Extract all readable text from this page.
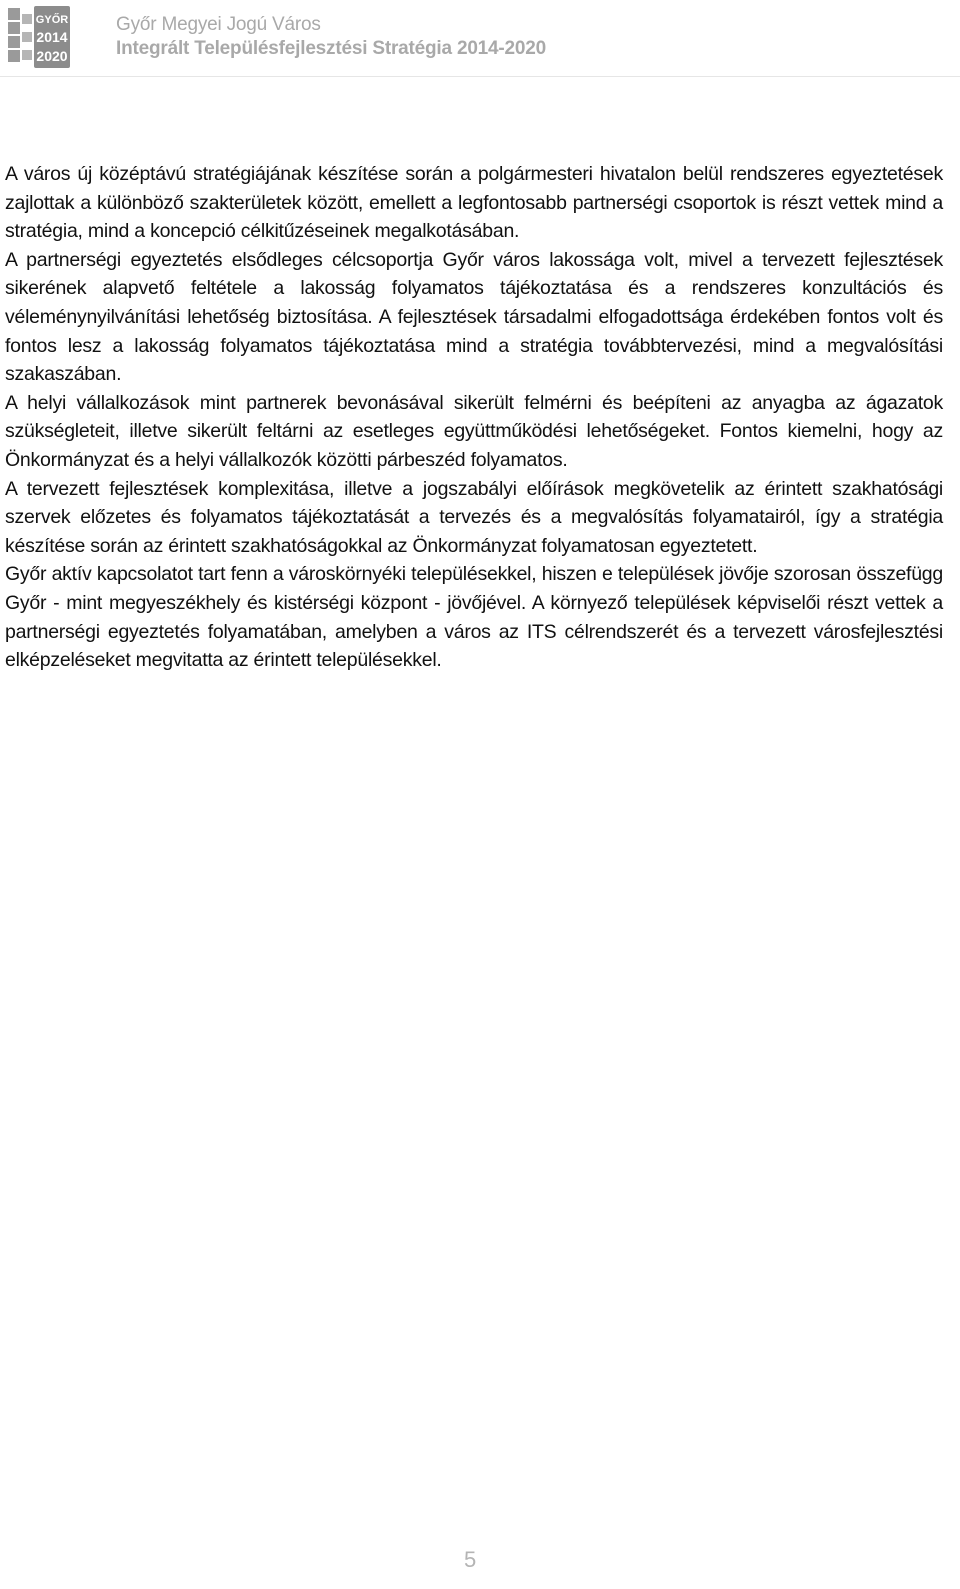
GYŐR
2014
2020
Győr Megyei Jogú Város
Integrált Településfejlesztési Stratégia 2014-2020

A város új középtávú stratégiájának készítése során a polgármesteri hivatalon belül rendszeres egyeztetések zajlottak a különböző szakterületek között, emellett a legfontosabb partnerségi csoportok is részt vettek mind a stratégia, mind a koncepció célkitűzéseinek megalkotásában.

A partnerségi egyeztetés elsődleges célcsoportja Győr város lakossága volt, mivel a tervezett fejlesztések sikerének alapvető feltétele a lakosság folyamatos tájékoztatása és a rendszeres konzultációs és véleménynyilvánítási lehetőség biztosítása. A fejlesztések társadalmi elfogadottsága érdekében fontos volt és fontos lesz a lakosság folyamatos tájékoztatása mind a stratégia továbbtervezési, mind a megvalósítási szakaszában.

A helyi vállalkozások mint partnerek bevonásával sikerült felmérni és beépíteni az anyagba az ágazatok szükségleteit, illetve sikerült feltárni az esetleges együttműködési lehetőségeket. Fontos kiemelni, hogy az Önkormányzat és a helyi vállalkozók közötti párbeszéd folyamatos.

A tervezett fejlesztések komplexitása, illetve a jogszabályi előírások megkövetelik az érintett szakhatósági szervek előzetes és folyamatos tájékoztatását a tervezés és a megvalósítás folyamatairól, így a stratégia készítése során az érintett szakhatóságokkal az Önkormányzat folyamatosan egyeztetett.

Győr aktív kapcsolatot tart fenn a városkörnyéki településekkel, hiszen e települések jövője szorosan összefügg Győr - mint megyeszékhely és kistérségi központ - jövőjével. A környező települések képviselői részt vettek a partnerségi egyeztetés folyamatában, amelyben a város az ITS célrendszerét és a tervezett városfejlesztési elképzeléseket megvitatta az érintett településekkel.

5
